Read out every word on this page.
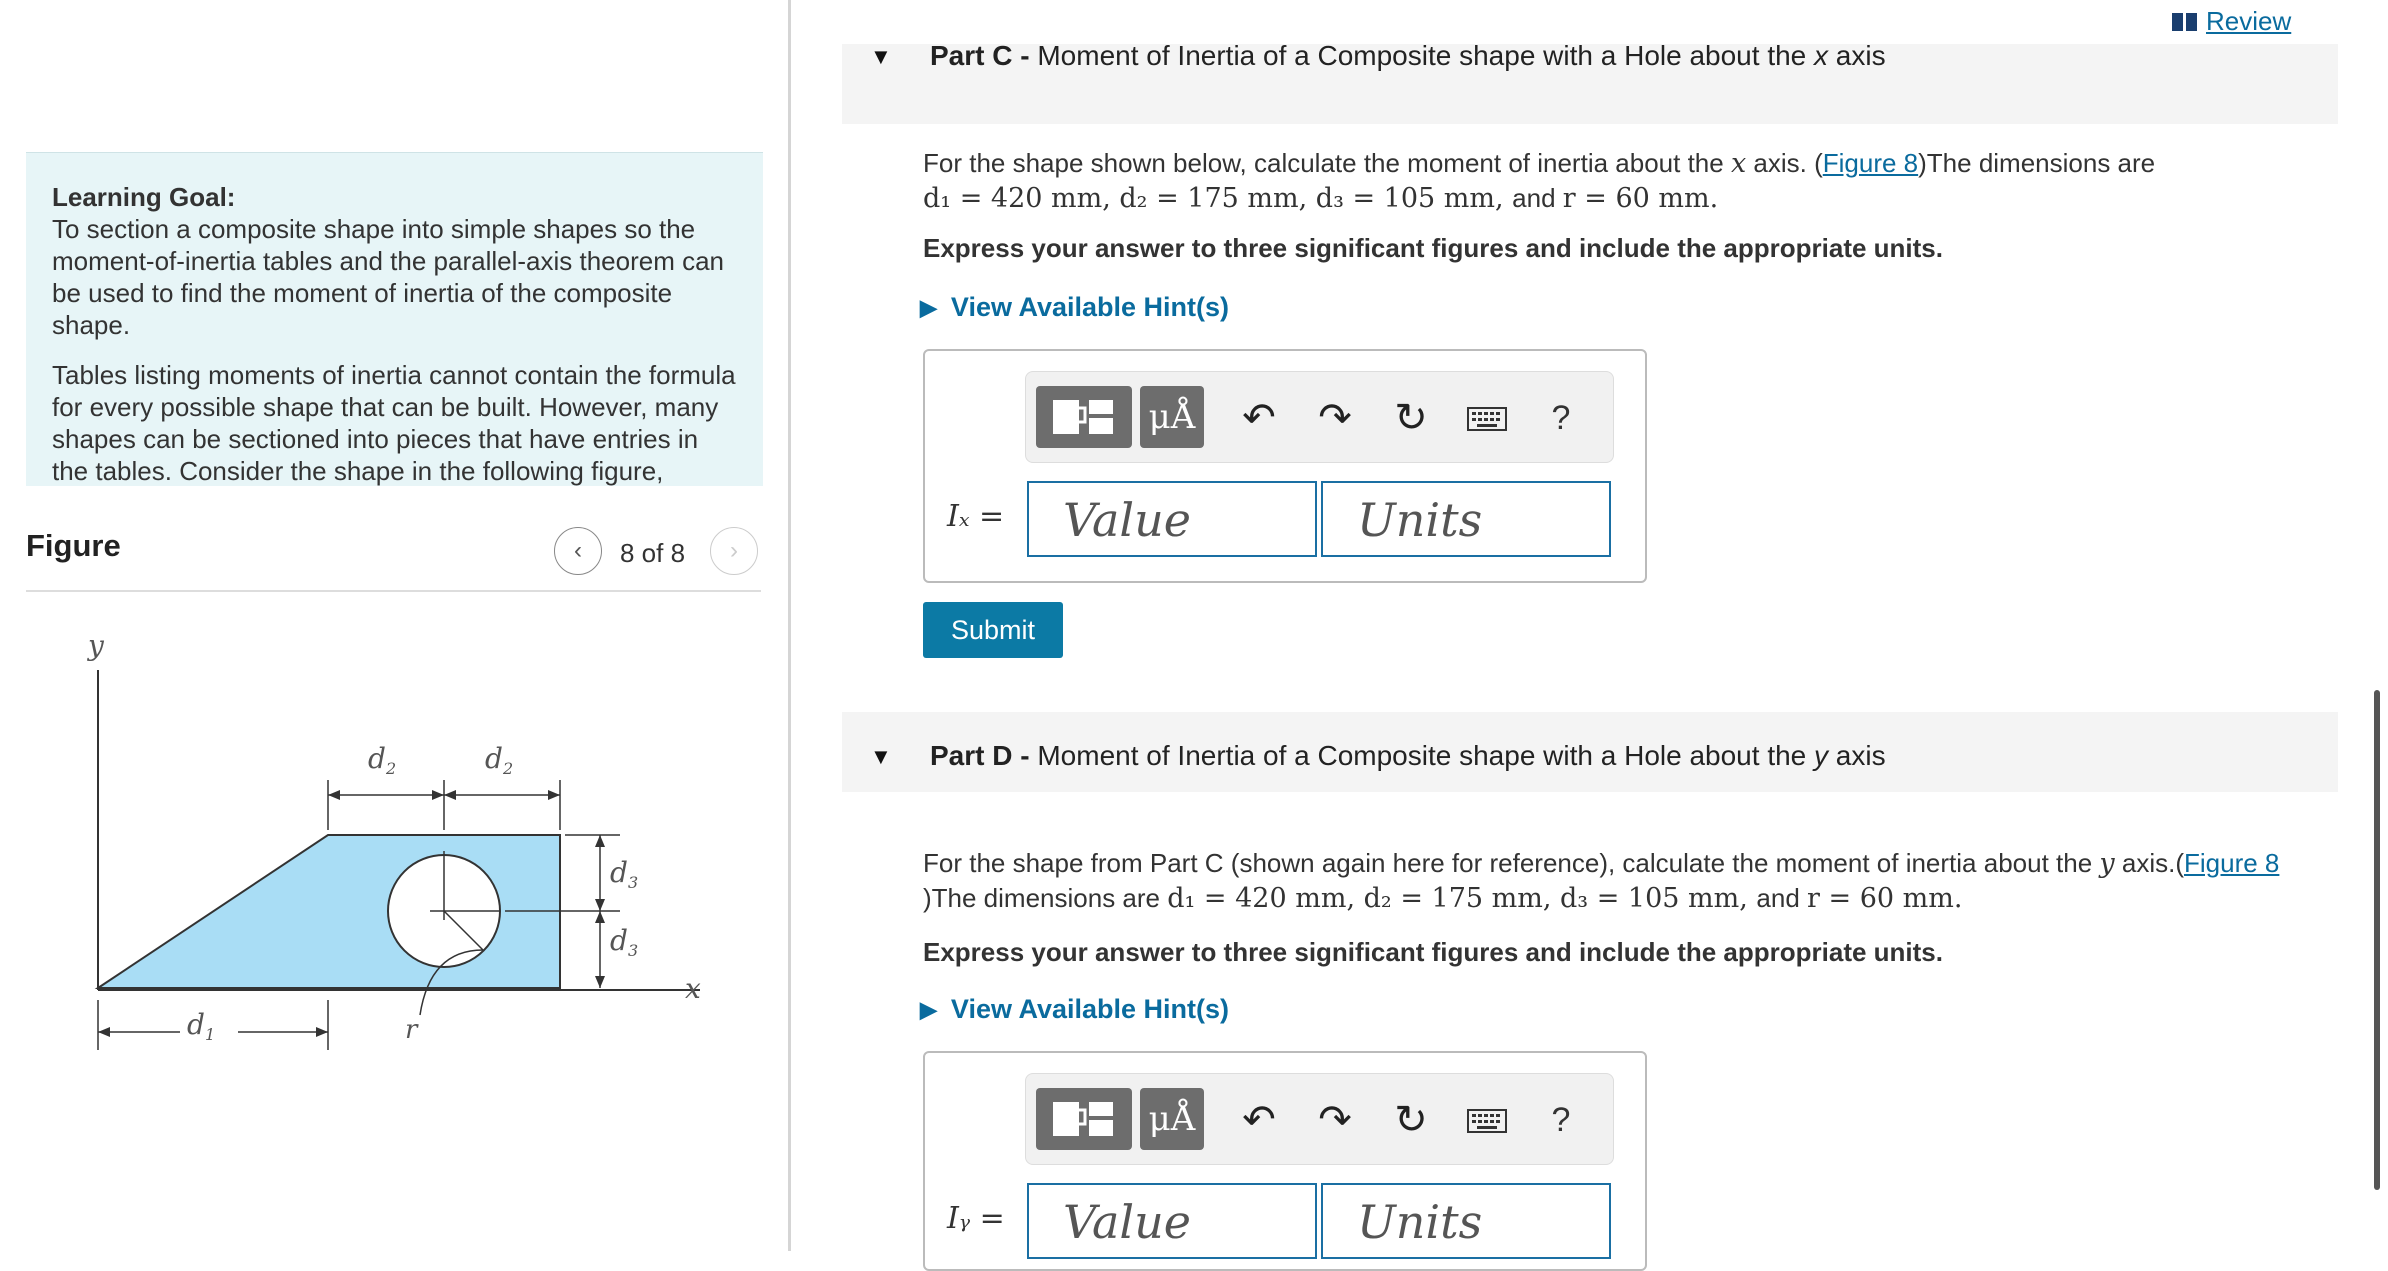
Learning Goal:
To section a composite shape into simple shapes so the moment-of-inertia tables and the parallel-axis theorem can be used to find the moment of inertia of the composite shape.

Tables listing moments of inertia cannot contain the formula for every possible shape that can be built. However, many shapes can be sectioned into pieces that have entries in the tables. Consider the shape in the following figure,

Figure	‹ 8 of 8 ›
y
x
r
$d_2$	$d_2$
$d_3$
$d_3$
$d_1$
Review
▼ Part C - Moment of Inertia of a Composite shape with a Hole about the x axis
For the shape shown below, calculate the moment of inertia about the x axis. (Figure 8)The dimensions are
d₁ = 420 mm, d₂ = 175 mm, d₃ = 105 mm, and r = 60 mm.
Express your answer to three significant figures and include the appropriate units.
▶ View Available Hint(s)
μÅ ↶ ↷ ↻	?
Iₓ =	Value	Units
Submit
▼ Part D - Moment of Inertia of a Composite shape with a Hole about the y axis
For the shape from Part C (shown again here for reference), calculate the moment of inertia about the y axis.(Figure 8
)The dimensions are d₁ = 420 mm, d₂ = 175 mm, d₃ = 105 mm, and r = 60 mm.
Express your answer to three significant figures and include the appropriate units.
▶ View Available Hint(s)
μÅ ↶ ↷ ↻	?
Iᵧ =	Value	Units
